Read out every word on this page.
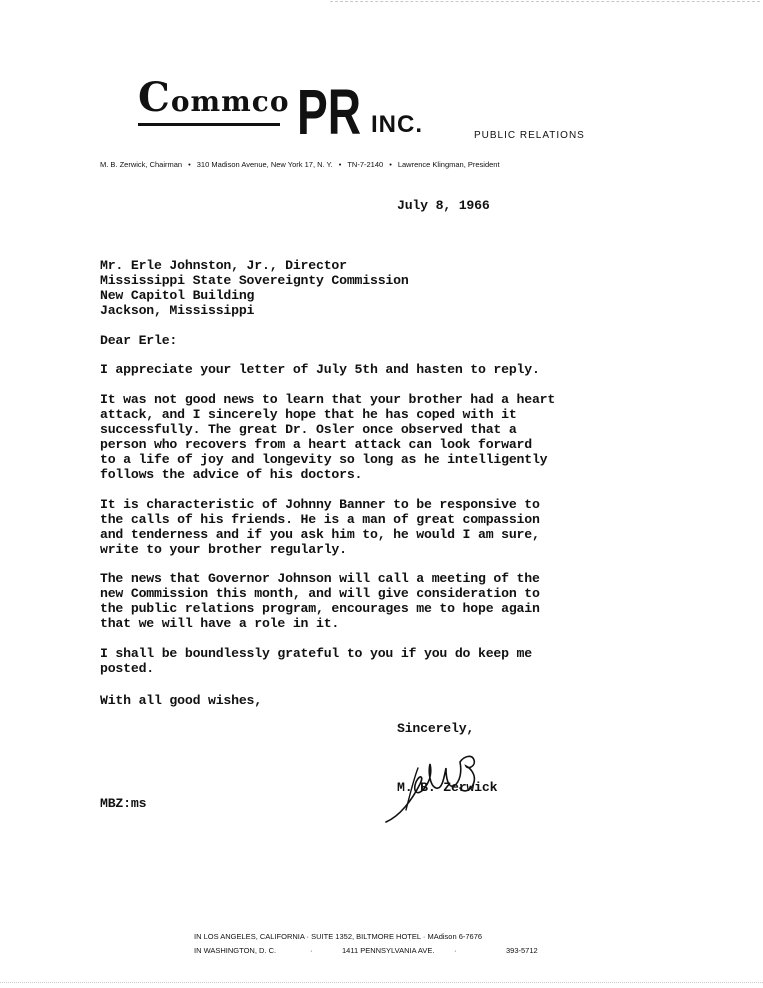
Commco PR INC.	PUBLIC RELATIONS
M. B. Zerwick, Chairman • 310 Madison Avenue, New York 17, N. Y. • TN-7-2140 • Lawrence Klingman, President
July 8, 1966
Mr. Erle Johnston, Jr., Director
Mississippi State Sovereignty Commission
New Capitol Building
Jackson, Mississippi
Dear Erle:
I appreciate your letter of July 5th and hasten to reply.
It was not good news to learn that your brother had a heart
attack, and I sincerely hope that he has coped with it
successfully. The great Dr. Osler once observed that a
person who recovers from a heart attack can look forward
to a life of joy and longevity so long as he intelligently
follows the advice of his doctors.
It is characteristic of Johnny Banner to be responsive to
the calls of his friends. He is a man of great compassion
and tenderness and if you ask him to, he would I am sure,
write to your brother regularly.
The news that Governor Johnson will call a meeting of the
new Commission this month, and will give consideration to
the public relations program, encourages me to hope again
that we will have a role in it.
I shall be boundlessly grateful to you if you do keep me
posted.
With all good wishes,
Sincerely,
M. B. Zerwick
MBZ:ms
IN LOS ANGELES, CALIFORNIA · SUITE 1352, BILTMORE HOTEL · MAdison 6-7676
IN WASHINGTON, D. C.	·	1411 PENNSYLVANIA AVE.	·	393-5712
